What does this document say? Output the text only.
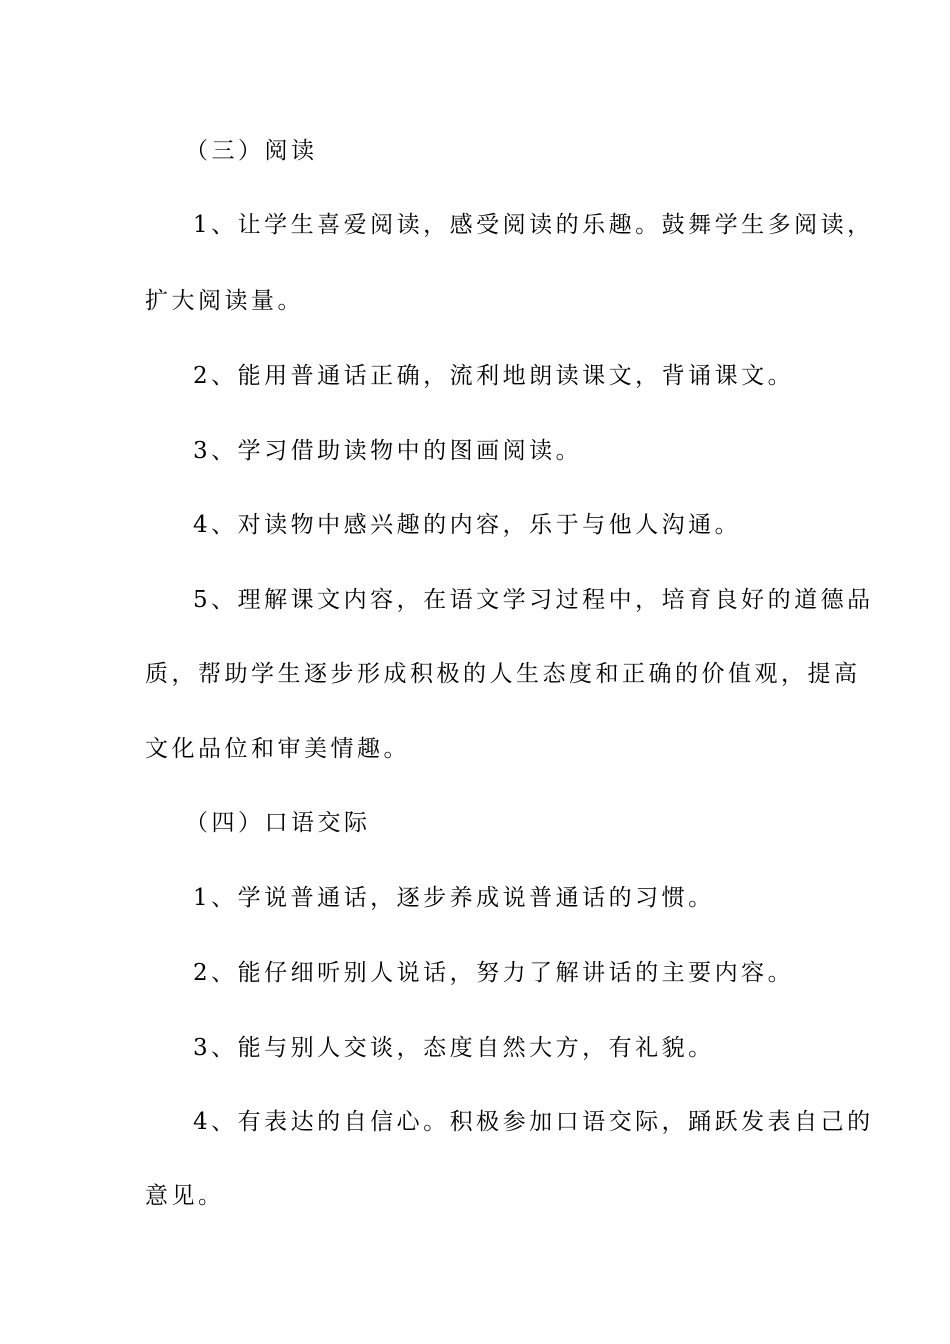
（三）阅读
1、让学生喜爱阅读，感受阅读的乐趣。鼓舞学生多阅读，
扩大阅读量。
2、能用普通话正确，流利地朗读课文，背诵课文。
3、学习借助读物中的图画阅读。
4、对读物中感兴趣的内容，乐于与他人沟通。
5、理解课文内容，在语文学习过程中，培育良好的道德品
质，帮助学生逐步形成积极的人生态度和正确的价值观，提高
文化品位和审美情趣。
（四）口语交际
1、学说普通话，逐步养成说普通话的习惯。
2、能仔细听别人说话，努力了解讲话的主要内容。
3、能与别人交谈，态度自然大方，有礼貌。
4、有表达的自信心。积极参加口语交际，踊跃发表自己的
意见。
